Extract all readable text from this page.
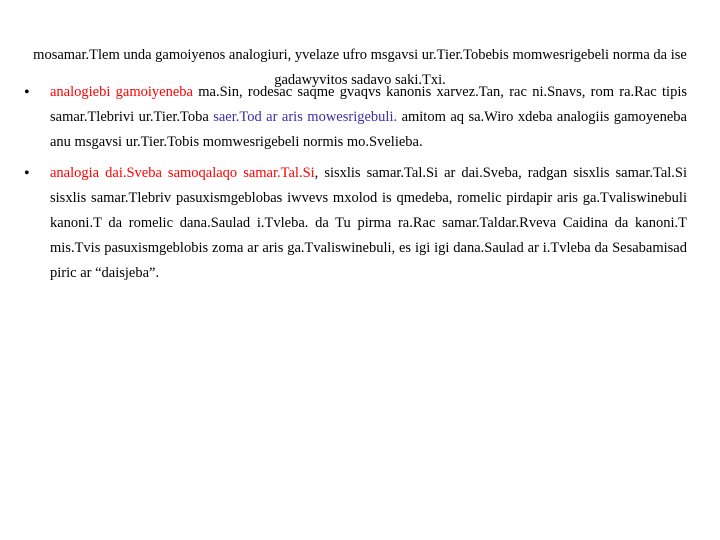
mosamar.Tlem unda gamoiyenos analogiuri, yvelaze ufro msgavsi ur.Tier.Tobebis momwesrigebeli norma da ise gadawyvitos sadavo saki.Txi.

• analogiebi gamoiyeneba ma.Sin, rodesac saqme gvaqvs kanonis xarvez.Tan, rac ni.Snavs, rom ra.Rac tipis samar.Tlebrivi ur.Tier.Toba saer.Tod ar aris mowesrigebuli. amitom aq sa.Wiro xdeba analogiis gamoyeneba anu msgavsi ur.Tier.Tobis momwesrigebeli normis mo.Svelieba.
• analogia dai.Sveba samoqalaqo samar.Tal.Si, sisxlis samar.Tal.Si ar dai.Sveba, radgan sisxlis samar.Tal.Si sisxlis samar.Tlebriv pasuxismgeblobas iwvevs mxolod is qmedeba, romelic pirdapir aris ga.Tvaliswinebuli kanoni.T da romelic dana.Saulad i.Tvleba. da Tu pirma ra.Rac samar.Taldar.Rveva Caidina da kanoni.T mis.Tvis pasuxismgeblobis zoma ar aris ga.Tvaliswinebuli, es igi igi dana.Saulad ar i.Tvleba da Sesabamisad piric ar “daisjeba”.
